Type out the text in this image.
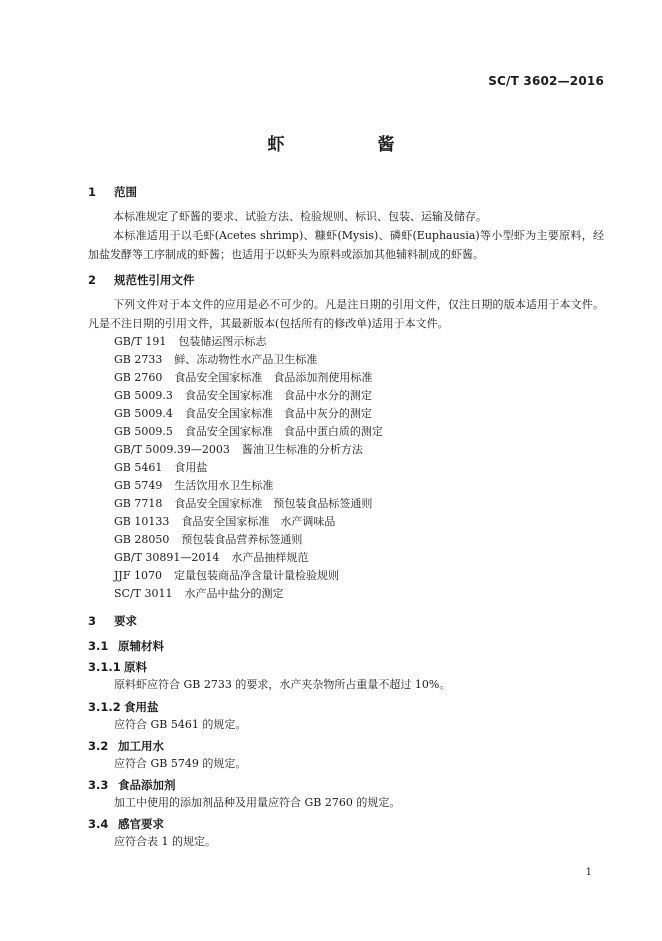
SC/T 3602—2016
虾　酱
1 范围
本标准规定了虾酱的要求、试验方法、检验规则、标识、包装、运输及储存。
本标准适用于以毛虾(Acetes shrimp)、糠虾(Mysis)、磷虾(Euphausia)等小型虾为主要原料，经加盐发酵等工序制成的虾酱；也适用于以虾头为原料或添加其他辅料制成的虾酱。
2 规范性引用文件
下列文件对于本文件的应用是必不可少的。凡是注日期的引用文件，仅注日期的版本适用于本文件。凡是不注日期的引用文件，其最新版本(包括所有的修改单)适用于本文件。
GB/T 191 包装储运图示标志
GB 2733 鲜、冻动物性水产品卫生标准
GB 2760 食品安全国家标准　食品添加剂使用标准
GB 5009.3 食品安全国家标准　食品中水分的测定
GB 5009.4 食品安全国家标准　食品中灰分的测定
GB 5009.5 食品安全国家标准　食品中蛋白质的测定
GB/T 5009.39—2003 酱油卫生标准的分析方法
GB 5461 食用盐
GB 5749 生活饮用水卫生标准
GB 7718 食品安全国家标准　预包装食品标签通则
GB 10133 食品安全国家标准　水产调味品
GB 28050 预包装食品营养标签通则
GB/T 30891—2014 水产品抽样规范
JJF 1070 定量包装商品净含量计量检验规则
SC/T 3011 水产品中盐分的测定
3 要求
3.1 原辅材料
3.1.1 原料
原料虾应符合 GB 2733 的要求，水产夹杂物所占重量不超过 10%。
3.1.2 食用盐
应符合 GB 5461 的规定。
3.2 加工用水
应符合 GB 5749 的规定。
3.3 食品添加剂
加工中使用的添加剂品种及用量应符合 GB 2760 的规定。
3.4 感官要求
应符合表 1 的规定。
1
